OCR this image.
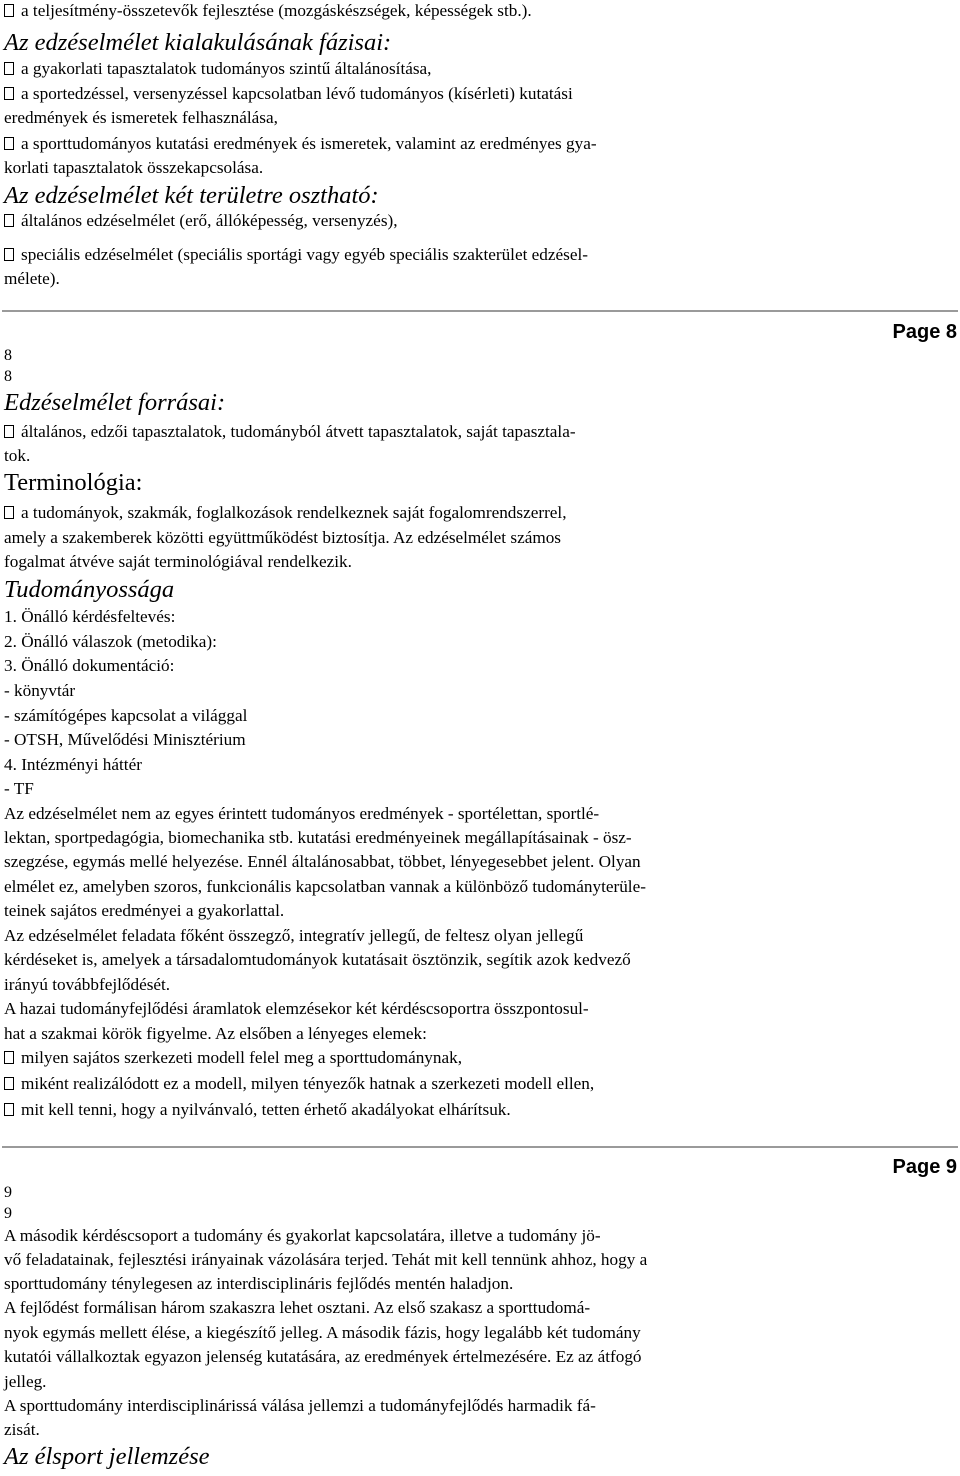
a teljesítmény-összetevők fejlesztése (mozgáskészségek, képességek stb.).
Az edzéselmélet kialakulásának fázisai:
a gyakorlati tapasztalatok tudományos szintű általánosítása,
a sportedzéssel, versenyzéssel kapcsolatban lévő tudományos (kísérleti) kutatási
eredmények és ismeretek felhasználása,
a sporttudományos kutatási eredmények és ismeretek, valamint az eredményes gya-
korlati tapasztalatok összekapcsolása.
Az edzéselmélet két területre osztható:
általános edzéselmélet (erő, állóképesség, versenyzés),
speciális edzéselmélet (speciális sportági vagy egyéb speciális szakterület edzésel-
mélete).
Page 8
8
8
Edzéselmélet forrásai:
általános, edzői tapasztalatok, tudományból átvett tapasztalatok, saját tapasztala-
tok.
Terminológia:
a tudományok, szakmák, foglalkozások rendelkeznek saját fogalomrendszerrel,
amely a szakemberek közötti együttműködést biztosítja. Az edzéselmélet számos
fogalmat átvéve saját terminológiával rendelkezik.
Tudományossága
1. Önálló kérdésfeltevés:
2. Önálló válaszok (metodika):
3. Önálló dokumentáció:
- könyvtár
- számítógépes kapcsolat a világgal
- OTSH, Művelődési Minisztérium
4. Intézményi háttér
- TF
Az edzéselmélet nem az egyes érintett tudományos eredmények - sportélettan, sportlé-
lektan, sportpedagógia, biomechanika stb. kutatási eredményeinek megállapításainak - ösz-
szegzése, egymás mellé helyezése. Ennél általánosabbat, többet, lényegesebbet jelent. Olyan
elmélet ez, amelyben szoros, funkcionális kapcsolatban vannak a különböző tudományterüle-
teinek sajátos eredményei a gyakorlattal.
Az edzéselmélet feladata főként összegző, integratív jellegű, de feltesz olyan jellegű
kérdéseket is, amelyek a társadalomtudományok kutatásait ösztönzik, segítik azok kedvező
irányú továbbfejlődését.
A hazai tudományfejlődési áramlatok elemzésekor két kérdéscsoportra összpontosul-
hat a szakmai körök figyelme. Az elsőben a lényeges elemek:
milyen sajátos szerkezeti modell felel meg a sporttudománynak,
miként realizálódott ez a modell, milyen tényezők hatnak a szerkezeti modell ellen,
mit kell tenni, hogy a nyilvánvaló, tetten érhető akadályokat elhárítsuk.
Page 9
9
9
A második kérdéscsoport a tudomány és gyakorlat kapcsolatára, illetve a tudomány jö-
vő feladatainak, fejlesztési irányainak vázolására terjed. Tehát mit kell tennünk ahhoz, hogy a
sporttudomány ténylegesen az interdisciplináris fejlődés mentén haladjon.
A fejlődést formálisan három szakaszra lehet osztani. Az első szakasz a sporttudomá-
nyok egymás mellett élése, a kiegészítő jelleg. A második fázis, hogy legalább két tudomány
kutatói vállalkoztak egyazon jelenség kutatására, az eredmények értelmezésére. Ez az átfogó
jelleg.
A sporttudomány interdisciplinárissá válása jellemzi a tudományfejlődés harmadik fá-
zisát.
Az élsport jellemzése
